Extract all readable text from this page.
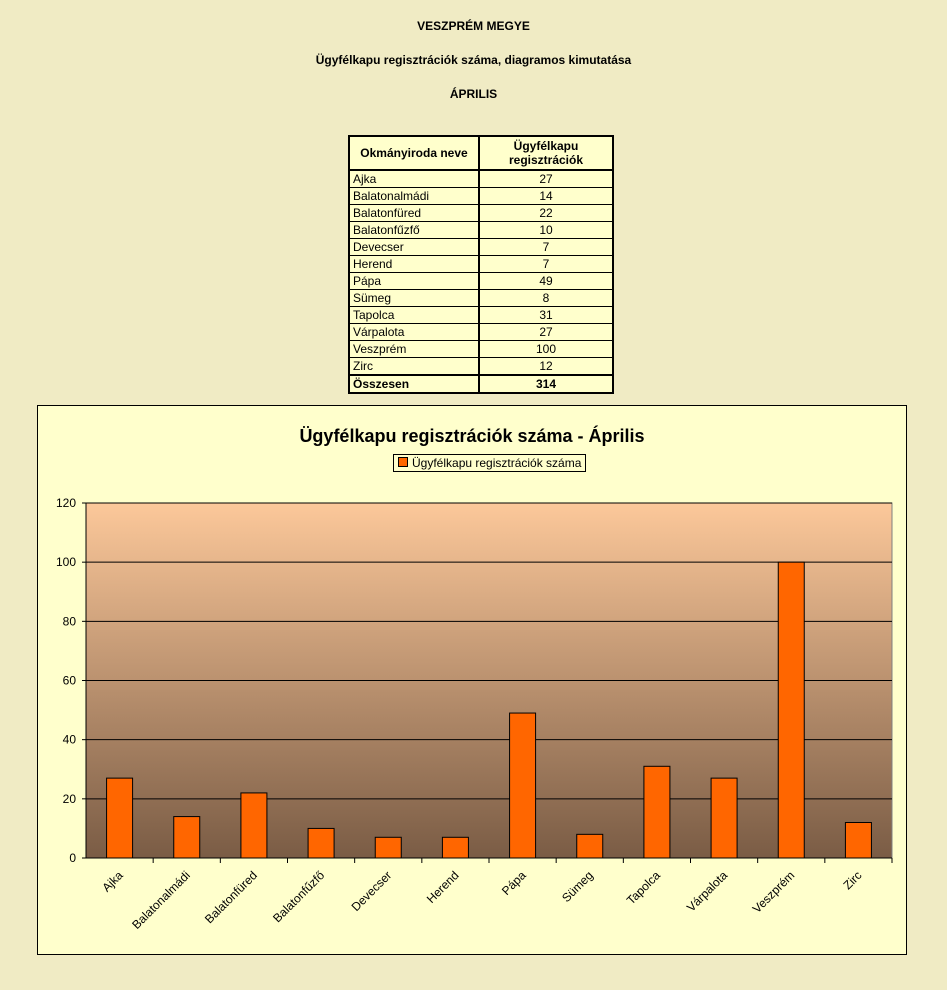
VESZPRÉM MEGYE
Ügyfélkapu regisztrációk száma, diagramos kimutatása
ÁPRILIS
Okmányiroda neve	Ügyfélkapu regisztrációk
Ajka	27
Balatonalmádi	14
Balatonfüred	22
Balatonfűzfő	10
Devecser	7
Herend	7
Pápa	49
Sümeg	8
Tapolca	31
Várpalota	27
Veszprém	100
Zirc	12
Összesen	314
Ügyfélkapu regisztrációk száma - Április
Ügyfélkapu regisztrációk száma
0
20
40
60
80
100
120
Ajka Balatonalmádi Balatonfüred Balatonfűzfő Devecser Herend	Pápa	Sümeg Tapolca Várpalota Veszprém	Zirc
